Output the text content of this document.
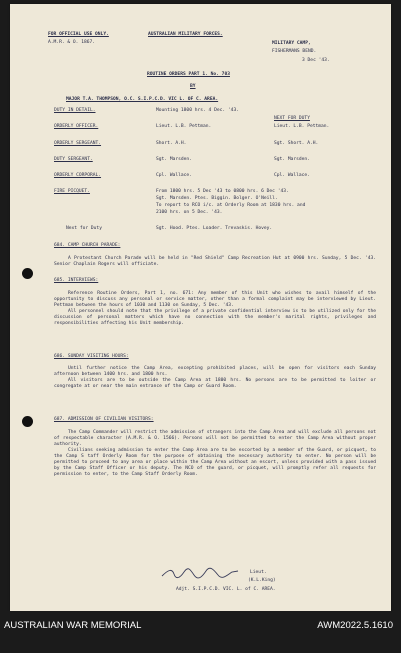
FOR OFFICIAL USE ONLY.
A.M.R. & O. 1867.
AUSTRALIAN MILITARY FORCES.
MILITARY CAMP,
FISHERMANS BEND.
3 Dec '43.
ROUTINE ORDERS PART 1. No. 703
BY
MAJOR T.A. THOMPSON, O.C. S.I.P.C.D. VIC L. OF C. AREA.
NEXT FOR DUTY
DUTY IN DETAIL.	Mounting 1800 hrs. 4 Dec. '43.
ORDERLY OFFICER.	Lieut. L.B. Pettman.	Lieut. L.B. Pettman.
ORDERLY SERGEANT.	Short. A.H.	Sgt. Short. A.H.
DUTY SERGEANT.	Sgt. Marsden.	Sgt. Marsden.
ORDERLY CORPORAL.	Cpl. Wallace.	Cpl. Wallace.
FIRE PICQUET.	From 1800 hrs. 5 Dec '43 to 0800 hrs. 6 Dec '43.
Sgt. Marsden. Ptes. Biggin. Bolger. O'Neill.
To report to RCO i/c. at Orderly Room at 1830 hrs. and
2100 hrs. on 5 Dec. '43.
Next for Duty	Sgt. Hood. Ptes. Loader. Trevaskis. Hovey.
684. CAMP CHURCH PARADE:

A Protestant Church Parade will be held in "Red Shield" Camp Recreation Hut at 0900 hrs. Sunday, 5 Dec. '43. Senior Chaplain Rogers will officiate.

685. INTERVIEWS:

Reference Routine Orders, Part 1, no. 671: Any member of this Unit who wishes to avail himself of the opportunity to discuss any personal or service matter, other than a formal complaint may be interviewed by Lieut. Pettman between the hours of 1030 and 1130 on Sunday, 5 Dec. '43.

All personnel should note that the privilege of a private confidential interview is to be utilized only for the discussion of personal matters which have no connection with the member's marital rights, privileges and responsibilities affecting his Unit membership.

686. SUNDAY VISITING HOURS:

Until further notice the Camp Area, excepting prohibited places, will be open for visitors each Sunday afternoon between 1400 hrs. and 1800 hrs.

All visitors are to be outside the Camp Area at 1800 hrs. No persons are to be permitted to loiter or congregate at or near the main entrance of the Camp or Guard Room.

687. ADMISSION OF CIVILIAN VISITORS:

The Camp Commander will restrict the admission of strangers into the Camp Area and will exclude all persons not of respectable character (A.M.R. & O. 1566). Persons will not be permitted to enter the Camp Area without proper authority.

Civilians seeking admission to enter the Camp Area are to be escorted by a member of the Guard, or picquet, to the Camp S taff Orderly Room for the purpose of obtaining the necessary authority to enter. No person will be permitted to proceed to any area or place within the Camp Area without an escort, unless provided with a pass issued by the Camp Staff Officer or his deputy. The NCO of the guard, or picquet, will promptly refer all requests for permission to enter, to the Camp Staff Orderly Room.

Lieut.
(K.L.King)
Adjt. S.I.P.C.D. VIC. L. of C. AREA.
AUSTRALIAN WAR MEMORIAL	AWM2022.5.1610
